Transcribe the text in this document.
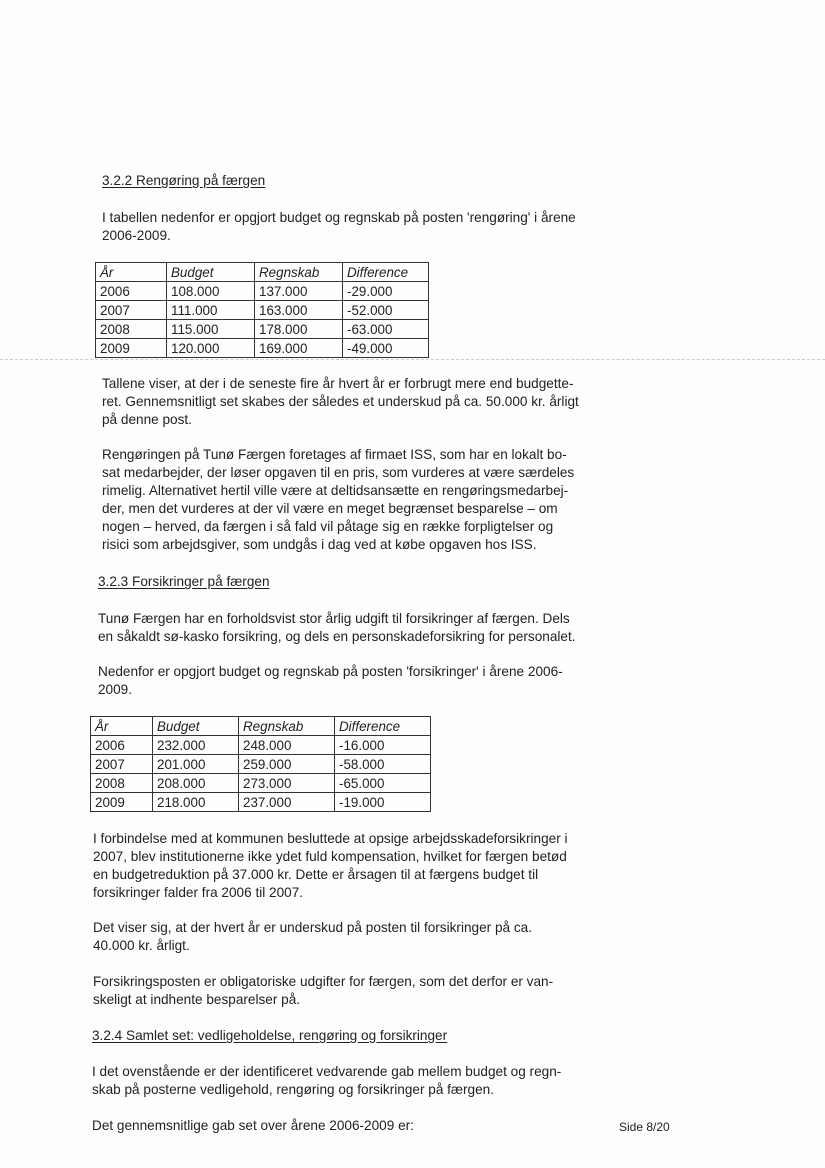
3.2.2 Rengøring på færgen

I tabellen nedenfor er opgjort budget og regnskab på posten 'rengøring' i årene

2006-2009.

År	Budget	Regnskab	Difference
2006	108.000	137.000	-29.000
2007	111.000	163.000	-52.000
2008	115.000	178.000	-63.000
2009	120.000	169.000	-49.000

Tallene viser, at der i de seneste fire år hvert år er forbrugt mere end budgette-

ret. Gennemsnitligt set skabes der således et underskud på ca. 50.000 kr. årligt

på denne post.

Rengøringen på Tunø Færgen foretages af firmaet ISS, som har en lokalt bo-

sat medarbejder, der løser opgaven til en pris, som vurderes at være særdeles

rimelig. Alternativet hertil ville være at deltidsansætte en rengøringsmedarbej-

der, men det vurderes at der vil være en meget begrænset besparelse – om

nogen – herved, da færgen i så fald vil påtage sig en række forpligtelser og

risici som arbejdsgiver, som undgås i dag ved at købe opgaven hos ISS.

3.2.3 Forsikringer på færgen

Tunø Færgen har en forholdsvist stor årlig udgift til forsikringer af færgen. Dels

en såkaldt sø-kasko forsikring, og dels en personskadeforsikring for personalet.

Nedenfor er opgjort budget og regnskab på posten 'forsikringer' i årene 2006-

2009.

År	Budget	Regnskab	Difference
2006	232.000	248.000	-16.000
2007	201.000	259.000	-58.000
2008	208.000	273.000	-65.000
2009	218.000	237.000	-19.000

I forbindelse med at kommunen besluttede at opsige arbejdsskadeforsikringer i

2007, blev institutionerne ikke ydet fuld kompensation, hvilket for færgen betød

en budgetreduktion på 37.000 kr. Dette er årsagen til at færgens budget til

forsikringer falder fra 2006 til 2007.

Det viser sig, at der hvert år er underskud på posten til forsikringer på ca.

40.000 kr. årligt.

Forsikringsposten er obligatoriske udgifter for færgen, som det derfor er van-

skeligt at indhente besparelser på.

3.2.4 Samlet set: vedligeholdelse, rengøring og forsikringer

I det ovenstående er der identificeret vedvarende gab mellem budget og regn-

skab på posterne vedligehold, rengøring og forsikringer på færgen.

Det gennemsnitlige gab set over årene 2006-2009 er:	Side 8/20
